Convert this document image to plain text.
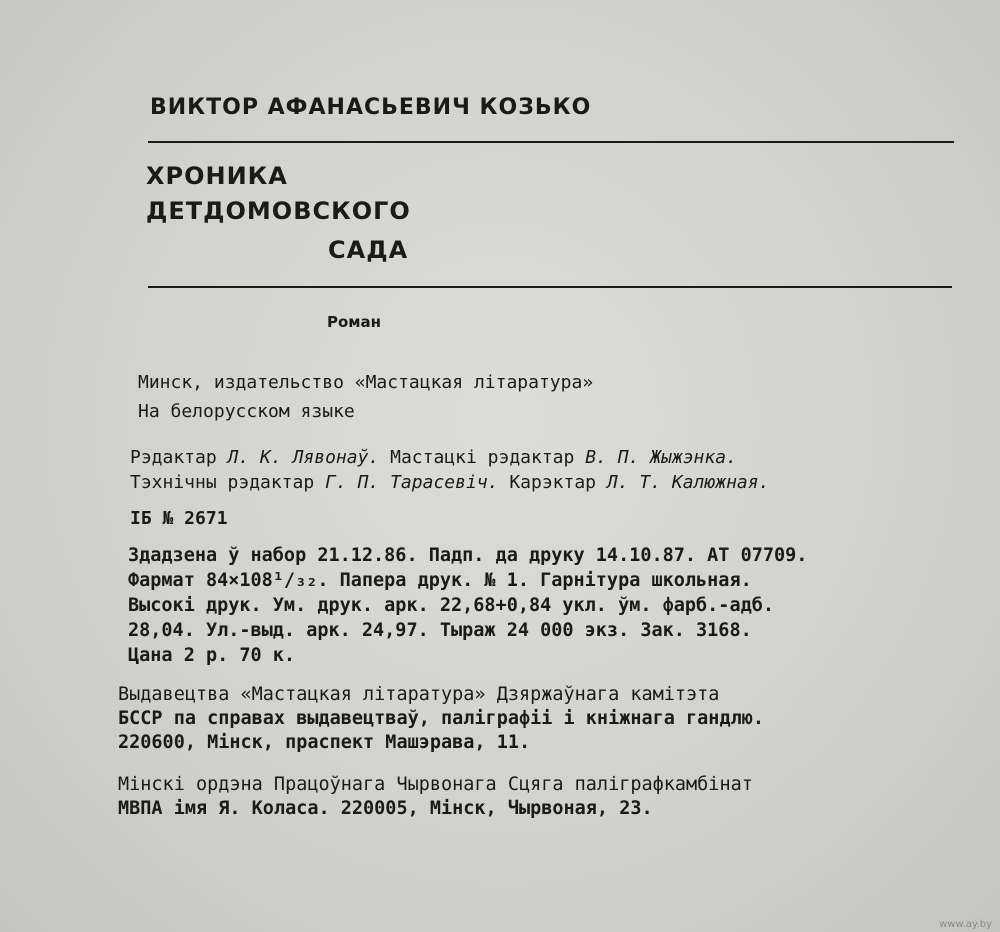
ВИКТОР АФАНАСЬЕВИЧ КОЗЬКО
ХРОНИКА
ДЕТДОМОВСКОГО
САДА
Роман
Минск, издательство «Мастацкая літаратура»
На белорусском языке
Рэдактар Л. К. Лявонаў. Мастацкі рэдактар В. П. Жыжэнка.
Тэхнічны рэдактар Г. П. Тарасевіч. Карэктар Л. Т. Калюжная.
ІБ № 2671
Здадзена ў набор 21.12.86. Падп. да друку 14.10.87. АТ 07709.
Фармат 84×108¹/₃₂. Папера друк. № 1. Гарнітура школьная.
Высокі друк. Ум. друк. арк. 22,68+0,84 укл. ўм. фарб.-адб.
28,04. Ул.-выд. арк. 24,97. Тыраж 24 000 экз. Зак. 3168.
Цана 2 р. 70 к.
Выдавецтва «Мастацкая літаратура» Дзяржаўнага камітэта
БССР па справах выдавецтваў, паліграфіі і кніжнага гандлю.
220600, Мінск, праспект Машэрава, 11.
Мінскі ордэна Працоўнага Чырвонага Сцяга паліграфкамбінат
МВПА імя Я. Коласа. 220005, Мінск, Чырвоная, 23.
www.ay.by
